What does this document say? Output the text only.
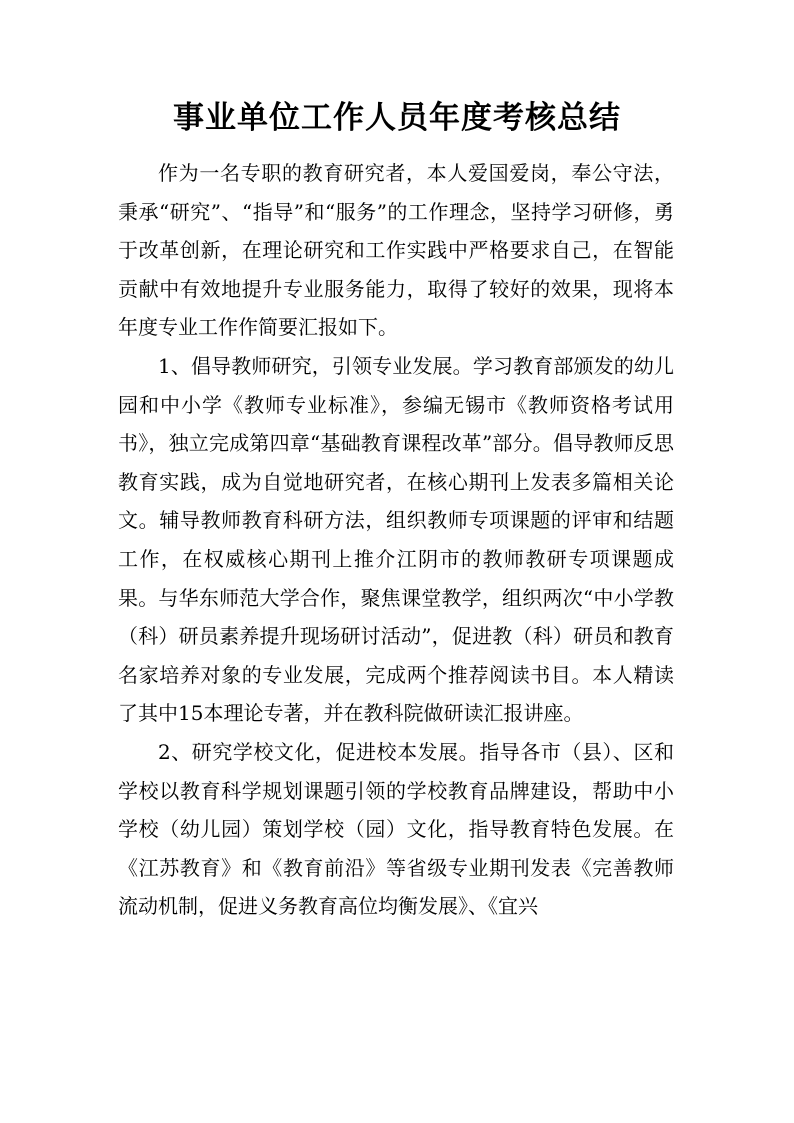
事业单位工作人员年度考核总结

作为一名专职的教育研究者，本人爱国爱岗，奉公守法，秉承“研究”、“指导”和“服务”的工作理念，坚持学习研修，勇于改革创新，在理论研究和工作实践中严格要求自己，在智能贡献中有效地提升专业服务能力，取得了较好的效果，现将本年度专业工作作简要汇报如下。

1、倡导教师研究，引领专业发展。学习教育部颁发的幼儿园和中小学《教师专业标准》，参编无锡市《教师资格考试用书》，独立完成第四章“基础教育课程改革”部分。倡导教师反思教育实践，成为自觉地研究者，在核心期刊上发表多篇相关论文。辅导教师教育科研方法，组织教师专项课题的评审和结题工作，在权威核心期刊上推介江阴市的教师教研专项课题成果。与华东师范大学合作，聚焦课堂教学，组织两次“中小学教（科）研员素养提升现场研讨活动”，促进教（科）研员和教育名家培养对象的专业发展，完成两个推荐阅读书目。本人精读了其中15本理论专著，并在教科院做研读汇报讲座。

2、研究学校文化，促进校本发展。指导各市（县）、区和学校以教育科学规划课题引领的学校教育品牌建设，帮助中小学校（幼儿园）策划学校（园）文化，指导教育特色发展。在《江苏教育》和《教育前沿》等省级专业期刊发表《完善教师流动机制，促进义务教育高位均衡发展》、《宜兴
